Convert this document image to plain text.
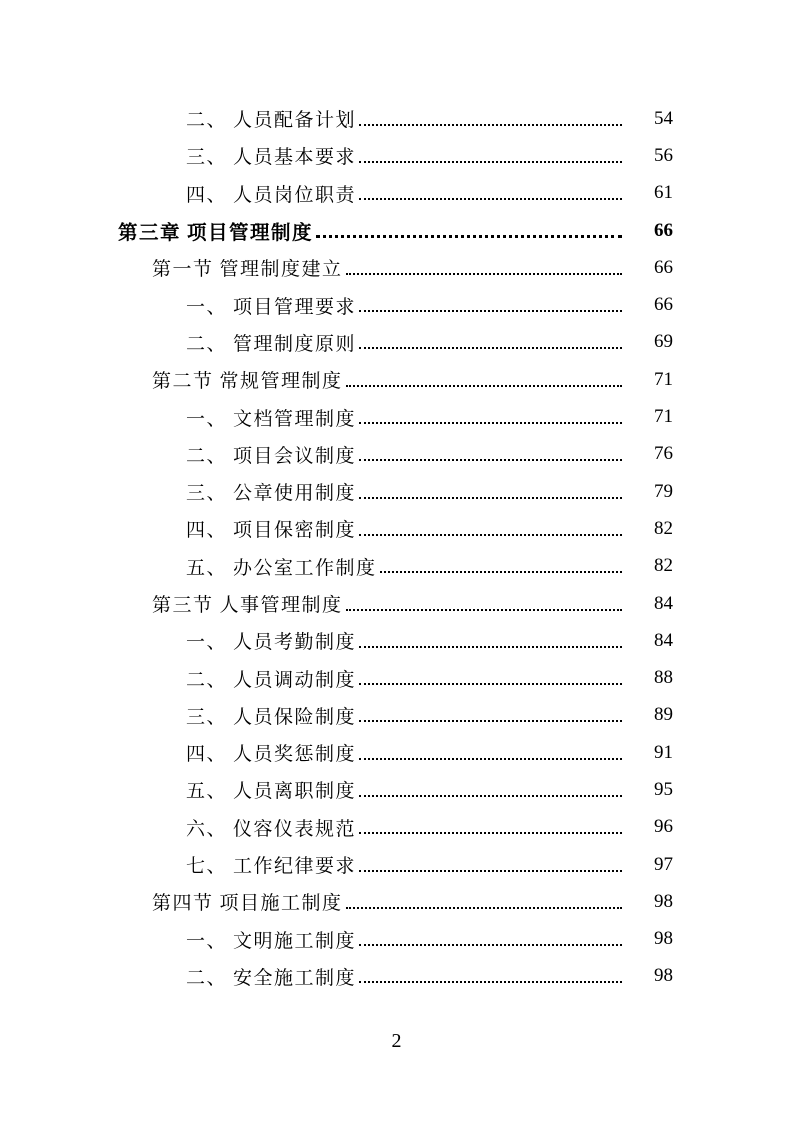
二、 人员配备计划	54
三、 人员基本要求	56
四、 人员岗位职责	61
第三章 项目管理制度	66
第一节 管理制度建立	66
一、 项目管理要求	66
二、 管理制度原则	69
第二节 常规管理制度	71
一、 文档管理制度	71
二、 项目会议制度	76
三、 公章使用制度	79
四、 项目保密制度	82
五、 办公室工作制度	82
第三节 人事管理制度	84
一、 人员考勤制度	84
二、 人员调动制度	88
三、 人员保险制度	89
四、 人员奖惩制度	91
五、 人员离职制度	95
六、 仪容仪表规范	96
七、 工作纪律要求	97
第四节 项目施工制度	98
一、 文明施工制度	98
二、 安全施工制度	98
2
